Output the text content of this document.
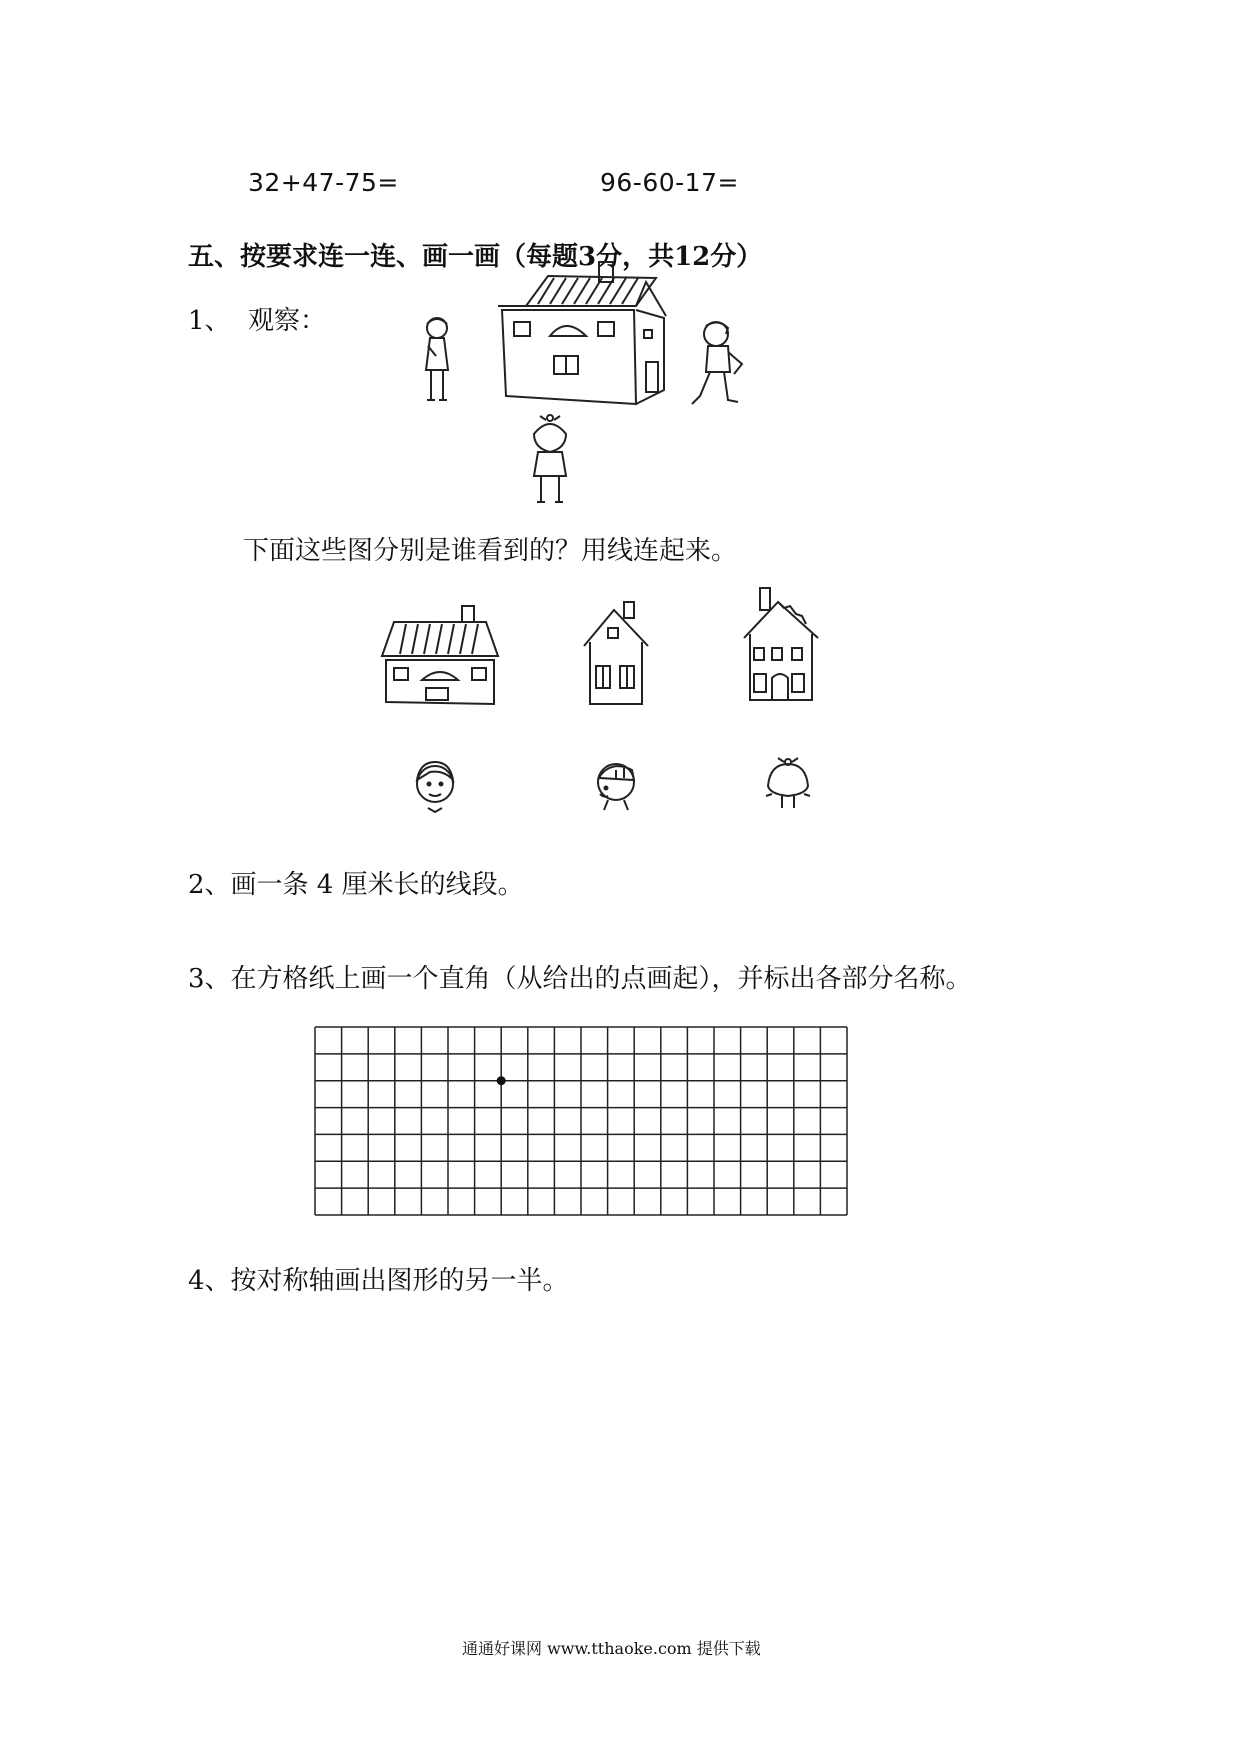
32+47-75=	96-60-17=
五、按要求连一连、画一画（每题3分，共12分）
1、 观察：
下面这些图分别是谁看到的？用线连起来。
2、画一条 4 厘米长的线段。
3、在方格纸上画一个直角（从给出的点画起），并标出各部分名称。
4、按对称轴画出图形的另一半。
通通好课网 www.tthaoke.com 提供下载
